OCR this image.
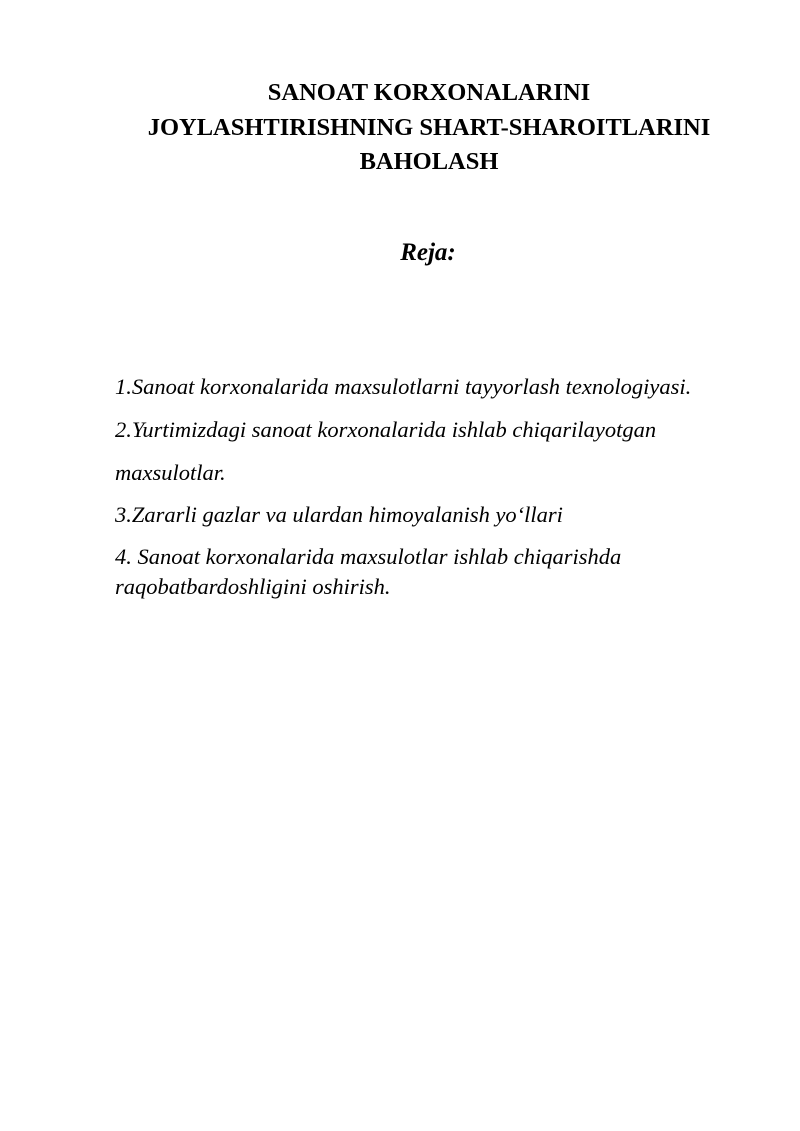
SANOAT KORXONALARINI
JOYLASHTIRISHNING SHART-SHAROITLARINI
BAHOLASH
Reja:
1.Sanoat korxonalarida maxsulotlarni tayyorlash texnologiyasi.
2.Yurtimizdagi sanoat korxonalarida ishlab chiqarilayotgan
maxsulotlar.
3.Zararli gazlar va ulardan himoyalanish yo‘llari
4. Sanoat korxonalarida maxsulotlar ishlab chiqarishda
raqobatbardoshligini oshirish.
